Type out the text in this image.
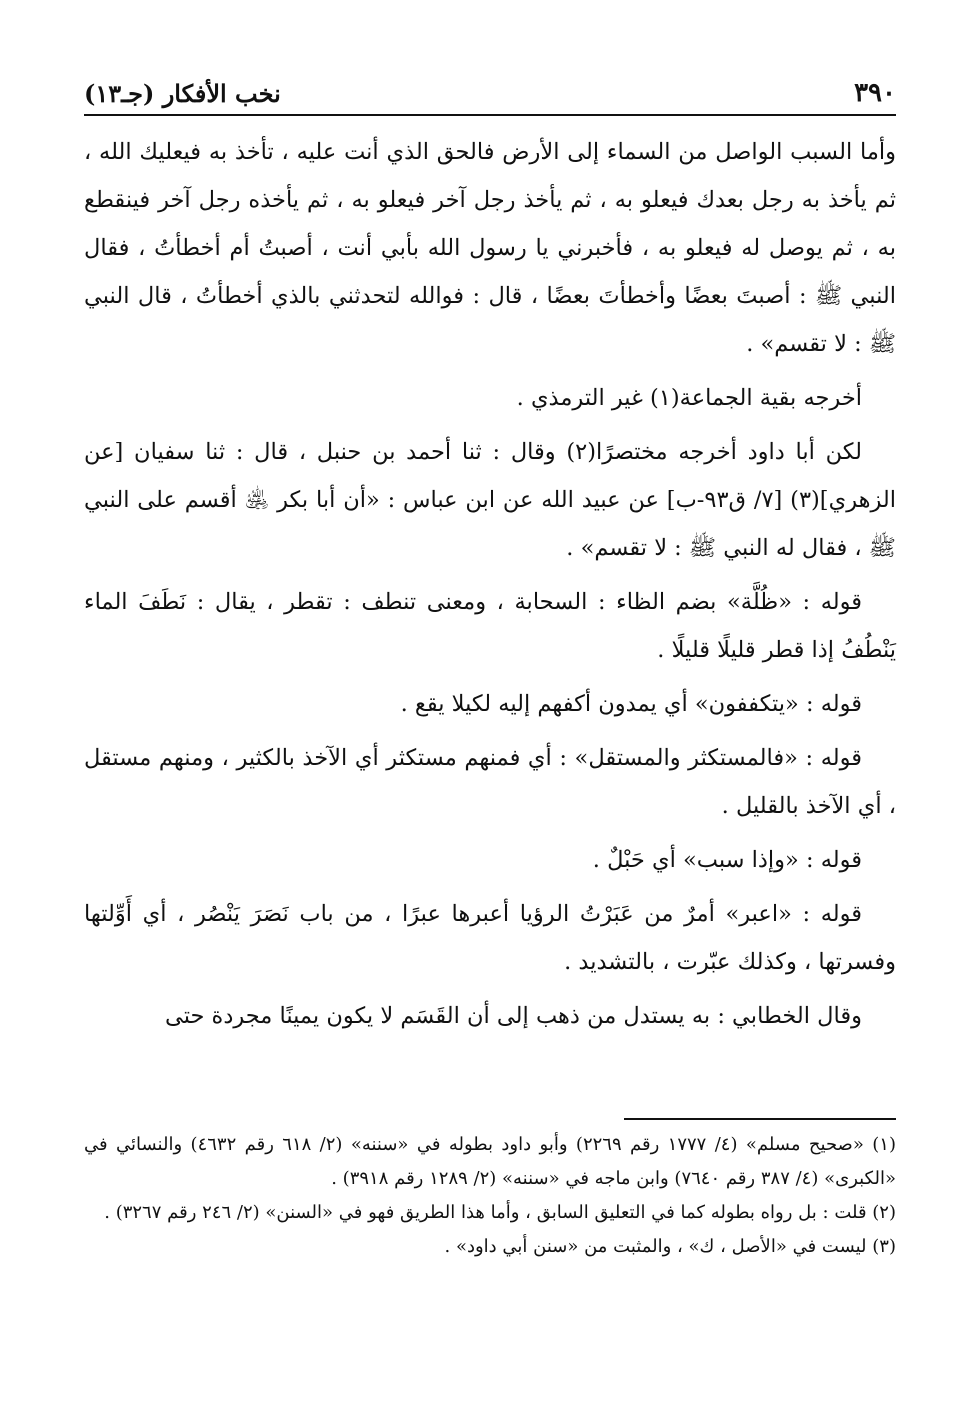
٣٩٠
نخب الأفكار (جـ١٣)

وأما السبب الواصل من السماء إلى الأرض فالحق الذي أنت عليه ، تأخذ به فيعليك الله ، ثم يأخذ به رجل بعدك فيعلو به ، ثم يأخذ رجل آخر فيعلو به ، ثم يأخذه رجل آخر فينقطع به ، ثم يوصل له فيعلو به ، فأخبرني يا رسول الله بأبي أنت ، أصبتُ أم أخطأتُ ، فقال النبي ﷺ : أصبتَ بعضًا وأخطأتَ بعضًا ، قال : فوالله لتحدثني بالذي أخطأتُ ، قال النبي ﷺ : لا تقسم» .

أخرجه بقية الجماعة(١) غير الترمذي .

لكن أبا داود أخرجه مختصرًا(٢) وقال : ثنا أحمد بن حنبل ، قال : ثنا سفيان [عن الزهري](٣) [٧/ ق٩٣-ب] عن عبيد الله عن ابن عباس : «أن أبا بكر ﵁ أقسم على النبي ﷺ ، فقال له النبي ﷺ : لا تقسم» .

قوله : «ظُلَّة» بضم الظاء : السحابة ، ومعنى تنطف : تقطر ، يقال : نَطَفَ الماء يَنْطُفُ إذا قطر قليلًا قليلًا .

قوله : «يتكففون» أي يمدون أكفهم إليه لكيلا يقع .

قوله : «فالمستكثر والمستقل» : أي فمنهم مستكثر أي الآخذ بالكثير ، ومنهم مستقل ، أي الآخذ بالقليل .

قوله : «وإذا سبب» أي حَبْلٌ .

قوله : «اعبر» أمرٌ من عَبَرْتُ الرؤيا أعبرها عبرًا ، من باب نَصَرَ يَنْصُر ، أي أَوِّلتها وفسرتها ، وكذلك عبّرت ، بالتشديد .

وقال الخطابي : به يستدل من ذهب إلى أن القَسَم لا يكون يمينًا مجردة حتى

(١) «صحيح مسلم» (٤/ ١٧٧٧ رقم ٢٢٦٩) وأبو داود بطوله في «سننه» (٢/ ٦١٨ رقم ٤٦٣٢) والنسائي في «الكبرى» (٤/ ٣٨٧ رقم ٧٦٤٠) وابن ماجه في «سننه» (٢/ ١٢٨٩ رقم ٣٩١٨) .

(٢) قلت : بل رواه بطوله كما في التعليق السابق ، وأما هذا الطريق فهو في «السنن» (٢/ ٢٤٦ رقم ٣٢٦٧) .

(٣) ليست في «الأصل ، ك» ، والمثبت من «سنن أبي داود» .
